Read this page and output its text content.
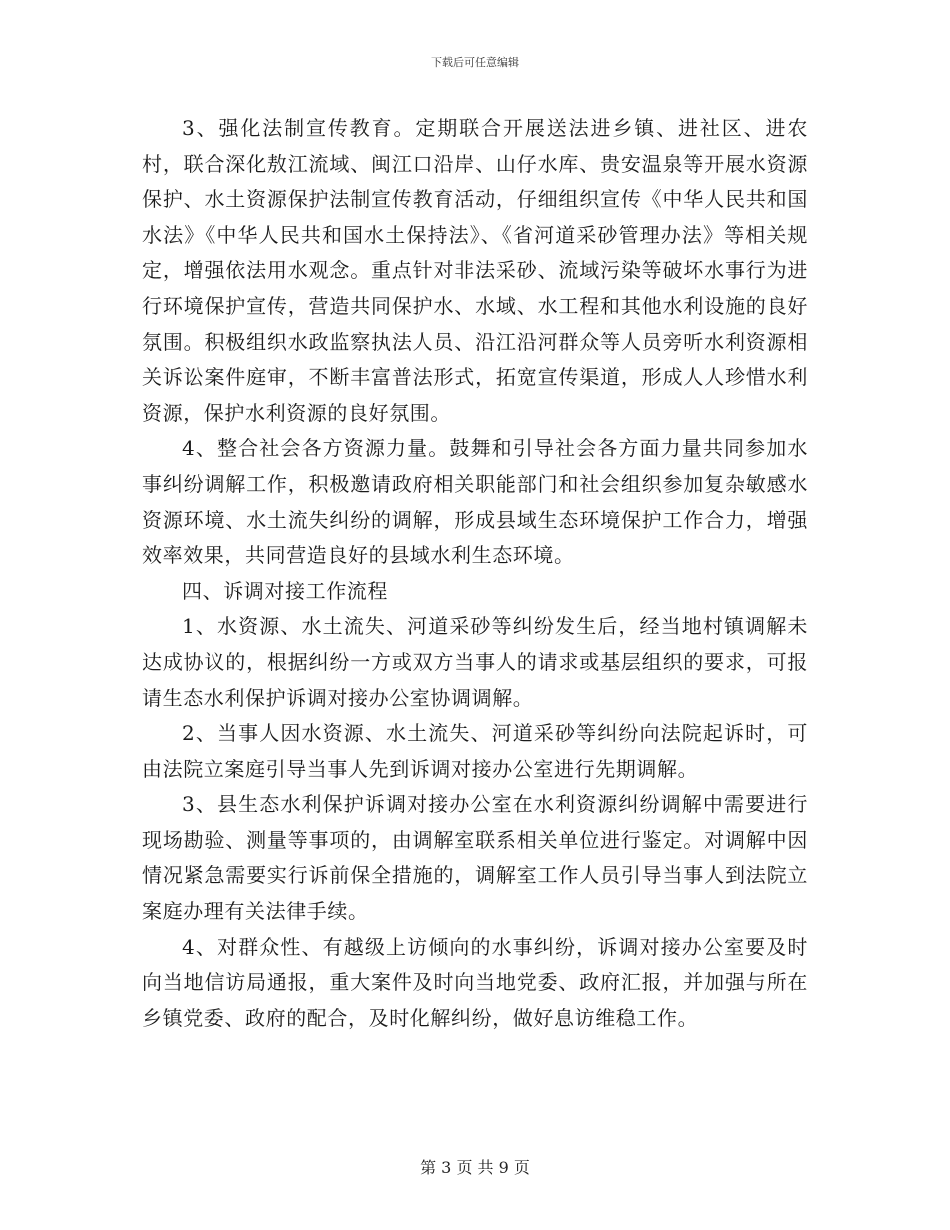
下载后可任意编辑

3、强化法制宣传教育。定期联合开展送法进乡镇、进社区、进农村，联合深化敖江流域、闽江口沿岸、山仔水库、贵安温泉等开展水资源保护、水土资源保护法制宣传教育活动，仔细组织宣传《中华人民共和国水法》《中华人民共和国水土保持法》、《省河道采砂管理办法》等相关规定，增强依法用水观念。重点针对非法采砂、流域污染等破坏水事行为进行环境保护宣传，营造共同保护水、水域、水工程和其他水利设施的良好氛围。积极组织水政监察执法人员、沿江沿河群众等人员旁听水利资源相关诉讼案件庭审，不断丰富普法形式，拓宽宣传渠道，形成人人珍惜水利资源，保护水利资源的良好氛围。

4、整合社会各方资源力量。鼓舞和引导社会各方面力量共同参加水事纠纷调解工作，积极邀请政府相关职能部门和社会组织参加复杂敏感水资源环境、水土流失纠纷的调解，形成县域生态环境保护工作合力，增强效率效果，共同营造良好的县域水利生态环境。

四、诉调对接工作流程

1、水资源、水土流失、河道采砂等纠纷发生后，经当地村镇调解未达成协议的，根据纠纷一方或双方当事人的请求或基层组织的要求，可报请生态水利保护诉调对接办公室协调调解。

2、当事人因水资源、水土流失、河道采砂等纠纷向法院起诉时，可由法院立案庭引导当事人先到诉调对接办公室进行先期调解。

3、县生态水利保护诉调对接办公室在水利资源纠纷调解中需要进行现场勘验、测量等事项的，由调解室联系相关单位进行鉴定。对调解中因情况紧急需要实行诉前保全措施的，调解室工作人员引导当事人到法院立案庭办理有关法律手续。

4、对群众性、有越级上访倾向的水事纠纷，诉调对接办公室要及时向当地信访局通报，重大案件及时向当地党委、政府汇报，并加强与所在乡镇党委、政府的配合，及时化解纠纷，做好息访维稳工作。

第 3 页 共 9 页
